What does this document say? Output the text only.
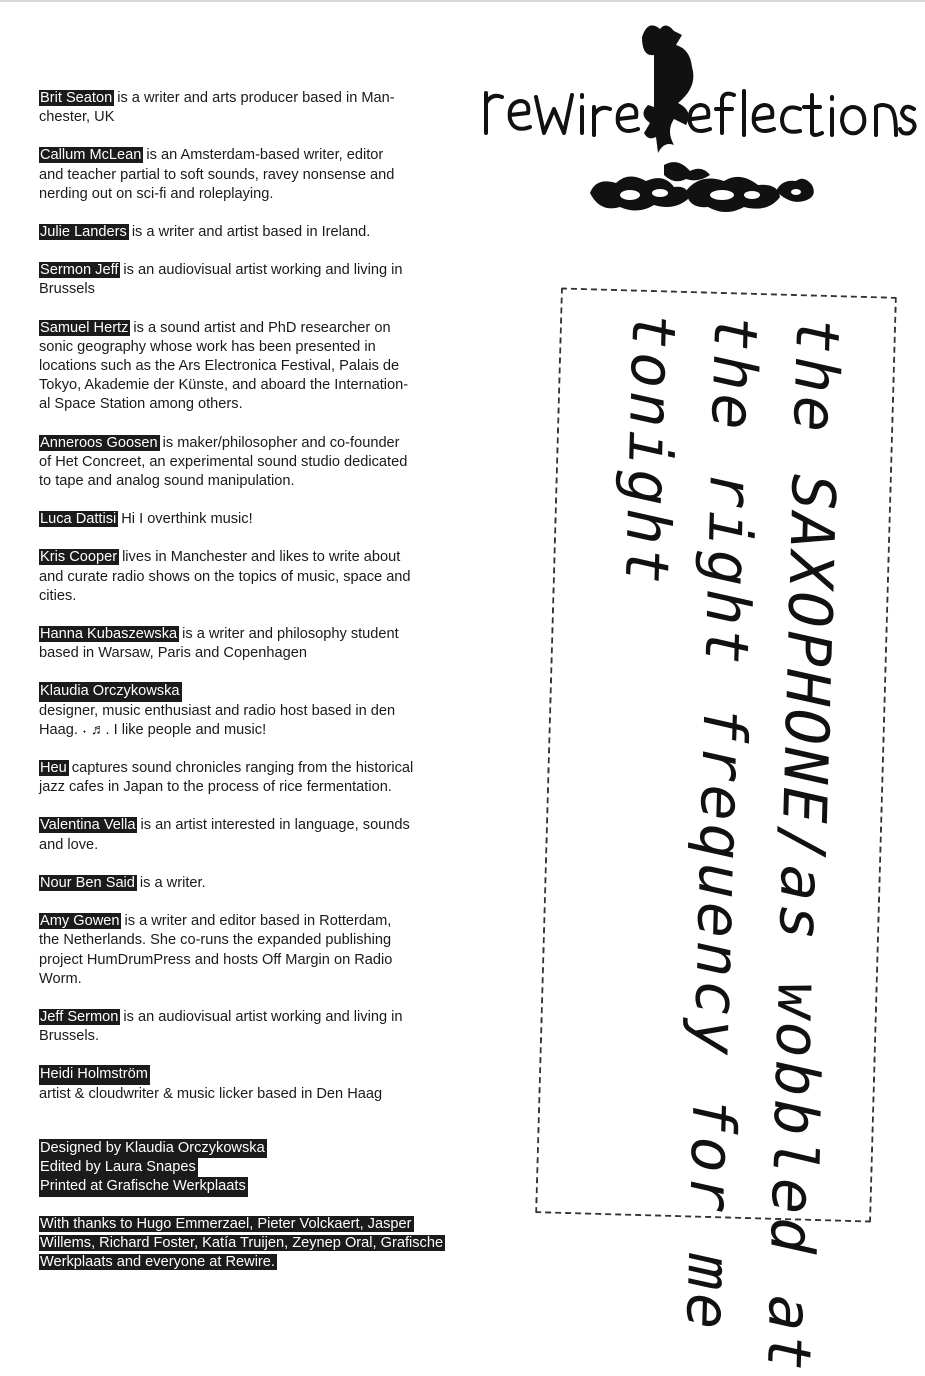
Brit Seaton is a writer and arts producer based in Man-
chester, UK

Callum McLean is an Amsterdam-based writer, editor
and teacher partial to soft sounds, ravey nonsense and
nerding out on sci-fi and roleplaying.

Julie Landers is a writer and artist based in Ireland.

Sermon Jeff is an audiovisual artist working and living in
Brussels

Samuel Hertz is a sound artist and PhD researcher on
sonic geography whose work has been presented in
locations such as the Ars Electronica Festival, Palais de
Tokyo, Akademie der Künste, and aboard the Internation-
al Space Station among others.

Anneroos Goosen is maker/philosopher and co-founder
of Het Concreet, an experimental sound studio dedicated
to tape and analog sound manipulation.

Luca Dattisi Hi I overthink music!

Kris Cooper lives in Manchester and likes to write about
and curate radio shows on the topics of music, space and
cities.

Hanna Kubaszewska is a writer and philosophy student
based in Warsaw, Paris and Copenhagen

Klaudia Orczykowska
designer, music enthusiast and radio host based in den
Haag. ˖ ♬. I like people and music!

Heu captures sound chronicles ranging from the historical
jazz cafes in Japan to the process of rice fermentation.

Valentina Vella is an artist interested in language, sounds
and love.

Nour Ben Said is a writer.

Amy Gowen is a writer and editor based in Rotterdam,
the Netherlands. She co-runs the expanded publishing
project HumDrumPress and hosts Off Margin on Radio
Worm.

Jeff Sermon is an audiovisual artist working and living in
Brussels.

Heidi Holmström
artist & cloudwriter & music licker based in Den Haag

Designed by Klaudia Orczykowska
Edited by Laura Snapes
Printed at Grafische Werkplaats
With thanks to Hugo Emmerzael, Pieter Volckaert, Jasper Willems, Richard Foster, Katía Truijen, Zeynep Oral, Grafische Werkplaats and everyone at Rewire.	the SAXOPHONE/as wobbled at
the right frequency for me
tonight
